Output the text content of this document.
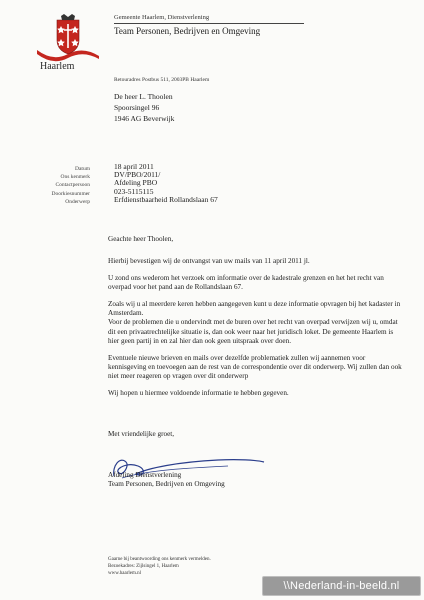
Haarlem
Gemeente Haarlem, Dienstverlening
Team Personen, Bedrijven en Omgeving
Retouradres Postbus 511, 2003PB Haarlem
De heer L. Thoolen
Spoorsingel 96
1946 AG Beverwijk
Datum
Ons kenmerk
Contactpersoon
Doorkiesnummer
Onderwerp
18 april 2011
DV/PBO/2011/
Afdeling PBO
023-5115115
Erfdienstbaarheid Rollandslaan 67

Geachte heer Thoolen,

Hierbij bevestigen wij de ontvangst van uw mails van 11 april 2011 jl.

U zond ons wederom het verzoek om informatie over de kadestrale grenzen en het het recht van overpad voor het pand aan de Rollandslaan 67.

Zoals wij u al meerdere keren hebben aangegeven kunt u deze informatie opvragen bij het kadaster in Amsterdam.

Voor de problemen die u ondervindt met de buren over het recht van overpad verwijzen wij u, omdat dit een privaatrechtelijke situatie is, dan ook weer naar het juridisch loket. De gemeente Haarlem is hier geen partij in en zal hier dan ook geen uitspraak over doen.

Eventuele nieuwe brieven en mails over dezelfde problematiek zullen wij aannemen voor kennisgeving en toevoegen aan de rest van de correspondentie over dit onderwerp. Wij zullen dan ook niet meer reageren op vragen over dit onderwerp

Wij hopen u hiermee voldoende informatie te hebben gegeven.

Met vriendelijke groet,
Afdeling Dienstverlening
Team Personen, Bedrijven en Omgeving
Gaarne bij beantwoording ons kenmerk vermelden.
Bezoekadres: Zijlsingel 1, Haarlem
www.haarlem.nl
\\Nederland-in-beeld.nl
